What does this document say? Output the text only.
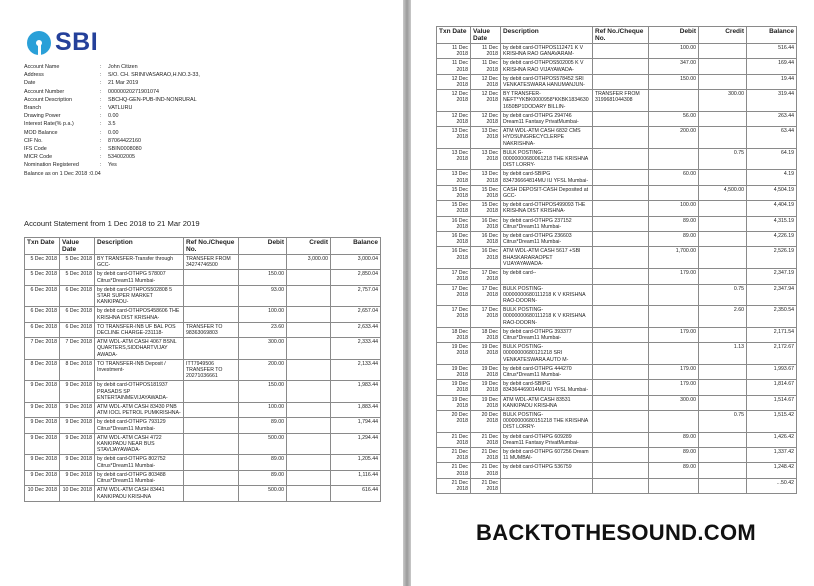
SBI
Account Name	:	John Citizen
Address	:	S/O. CH. SRINIVASARAO,H.NO.3-33,
Date	:	21 Mar 2019
Account Number	:	00000020271901074
Account Description	:	SBCHQ-GEN-PUB-IND-NONRURAL
Branch	:	VATLURU
Drawing Power	:	0.00
Interest Rate(% p.a.)	:	3.5
MOD Balance	:	0.00
CIF No.	:	87064422160
IFS Code	:	SBIN0008080
MICR Code	:	534002005
Nomination Registered	:	Yes
Balance as on 1 Dec 2018 :0.04
Account Statement from 1 Dec 2018 to 21 Mar 2019
Txn Date	Value Date	Description	Ref No./Cheque No.	Debit	Credit	Balance
5 Dec 2018	5 Dec 2018	BY TRANSFER-Transfer through GCC-	TRANSFER FROM 34274746500		3,000.00	3,000.04
5 Dec 2018	5 Dec 2018	by debit card-OTHPG 578007 Citrus*Dream11 Mumbai-		150.00		2,850.04
6 Dec 2018	6 Dec 2018	by debit card-OTHPOS502808 5 STAR SUPER MARKET KANKIPADU-		93.00		2,757.04
6 Dec 2018	6 Dec 2018	by debit card-OTHPOS458606 THE KRISHNA DIST KRISHNA-		100.00		2,657.04
6 Dec 2018	6 Dec 2018	TO TRANSFER-INB UF BAL POS DECLINE CHARGE-231118-	TRANSFER TO 98363069803	23.60		2,633.44
7 Dec 2018	7 Dec 2018	ATM WDL-ATM CASH 4067 BSNL QUARTERS,SIDDHARTVIJAY AWADA-		300.00		2,333.44
8 Dec 2018	8 Dec 2018	TO TRANSFER-INB Deposit / Investment-	ITT7949506 TRANSFER TO 20271036661	200.00		2,133.44
9 Dec 2018	9 Dec 2018	by debit card-OTHPOS181937 PRASADS SP ENTERTAINMEVIJAYAWADA-		150.00		1,983.44
9 Dec 2018	9 Dec 2018	ATM WDL-ATM CASH 83430 PNB ATM IOCL PETROL PUMKRISHNA-		100.00		1,883.44
9 Dec 2018	9 Dec 2018	by debit card-OTHPG 793129 Citrus*Dream11 Mumbai-		89.00		1,794.44
9 Dec 2018	9 Dec 2018	ATM WDL-ATM CASH 4722 KANKIPADU NEAR BUS STAVIJAYAWADA-		500.00		1,294.44
9 Dec 2018	9 Dec 2018	by debit card-OTHPG 802752 Citrus*Dream11 Mumbai-		89.00		1,205.44
9 Dec 2018	9 Dec 2018	by debit card-OTHPG 803488 Citrus*Dream11 Mumbai-		89.00		1,116.44
10 Dec 2018	10 Dec 2018	ATM WDL-ATM CASH 83441 KANKIPADU KRISHNA		500.00		616.44
Txn Date	Value Date	Description	Ref No./Cheque No.	Debit	Credit	Balance
11 Dec 2018	11 Dec 2018	by debit card-OTHPOS112471 K V KRISHNA RAO GANAVARAM-		100.00		516.44
11 Dec 2018	11 Dec 2018	by debit card-OTHPOS502005 K V KRISHNA RAO VIJAYAWADA-		347.00		169.44
12 Dec 2018	12 Dec 2018	by debit card-OTHPOS578452 SRI VENKATESWARA HANUMANJUN-		150.00		19.44
12 Dec 2018	12 Dec 2018	BY TRANSFER-NEFT*YKBK0000958*KKBK18346301650BP1DODARY BILLIN-	TRANSFER FROM 3199681044308		300.00	319.44
12 Dec 2018	12 Dec 2018	by debit card-OTHPG 294746 Dream11 Fantasy PrivatMumbai-		56.00		263.44
13 Dec 2018	13 Dec 2018	ATM WDL-ATM CASH 6832 CMS HYDSUNGRECYCLERPE NAKRISHNA-		200.00		63.44
13 Dec 2018	13 Dec 2018	BULK POSTING-00000000680061218 THE KRISHNA DIST LORRY-			0.75	64.19
13 Dec 2018	13 Dec 2018	by debit card-SBIPG 834736664814MU IU YFSL Mumbai-		60.00		4.19
15 Dec 2018	15 Dec 2018	CASH DEPOSIT-CASH Deposited at GCC-			4,500.00	4,504.19
15 Dec 2018	15 Dec 2018	by debit card-OTHPOS499093 THE KRISHNA DIST KRISHNA-		100.00		4,404.19
16 Dec 2018	16 Dec 2018	by debit card-OTHPG 237152 Citrus*Dream11 Mumbai-		89.00		4,315.19
16 Dec 2018	16 Dec 2018	by debit card-OTHPG 236603 Citrus*Dream11 Mumbai-		89.00		4,226.19
16 Dec 2018	16 Dec 2018	ATM WDL-ATM CASH 5617 +SBI BHASKARARAOPET VIJAYAYAWADA-		1,700.00		2,526.19
17 Dec 2018	17 Dec 2018	by debit card--		179.00		2,347.19
17 Dec 2018	17 Dec 2018	BULK POSTING-00000000680111218 K V KRISHNA RAO-DOORN-			0.75	2,347.94
17 Dec 2018	17 Dec 2018	BULK POSTING-00000000680111218 K V KRISHNA RAO-DOORN-			2.60	2,350.54
18 Dec 2018	18 Dec 2018	by debit card-OTHPG 393377 Citrus*Dream11 Mumbai-		179.00		2,171.54
19 Dec 2018	19 Dec 2018	BULK POSTING-00000000680121218 SRI VENKATESWARA AUTO M-			1.13	2,172.67
19 Dec 2018	19 Dec 2018	by debit card-OTHPG 444270 Citrus*Dream11 Mumbai-		179.00		1,993.67
19 Dec 2018	19 Dec 2018	by debit card-SBIPG 834364469014MU IU YFSL Mumbai-		179.00		1,814.67
19 Dec 2018	19 Dec 2018	ATM WDL-ATM CASH 83531 KANKIPADU KRISHNA		300.00		1,514.67
20 Dec 2018	20 Dec 2018	BULK POSTING-00000000680151218 THE KRISHNA DIST LORRY-			0.75	1,515.42
21 Dec 2018	21 Dec 2018	by debit card-OTHPG 609289 Dream11 Fantasy PrivatMumbai-		89.00		1,426.42
21 Dec 2018	21 Dec 2018	by debit card-OTHPG 607256 Dream 11 MUMBAI-		89.00		1,337.42
21 Dec 2018	21 Dec 2018	by debit card-OTHPG 536759		89.00		1,248.42
21 Dec 2018	21 Dec 2018					...50.42
BACKTOTHESOUND.COM
